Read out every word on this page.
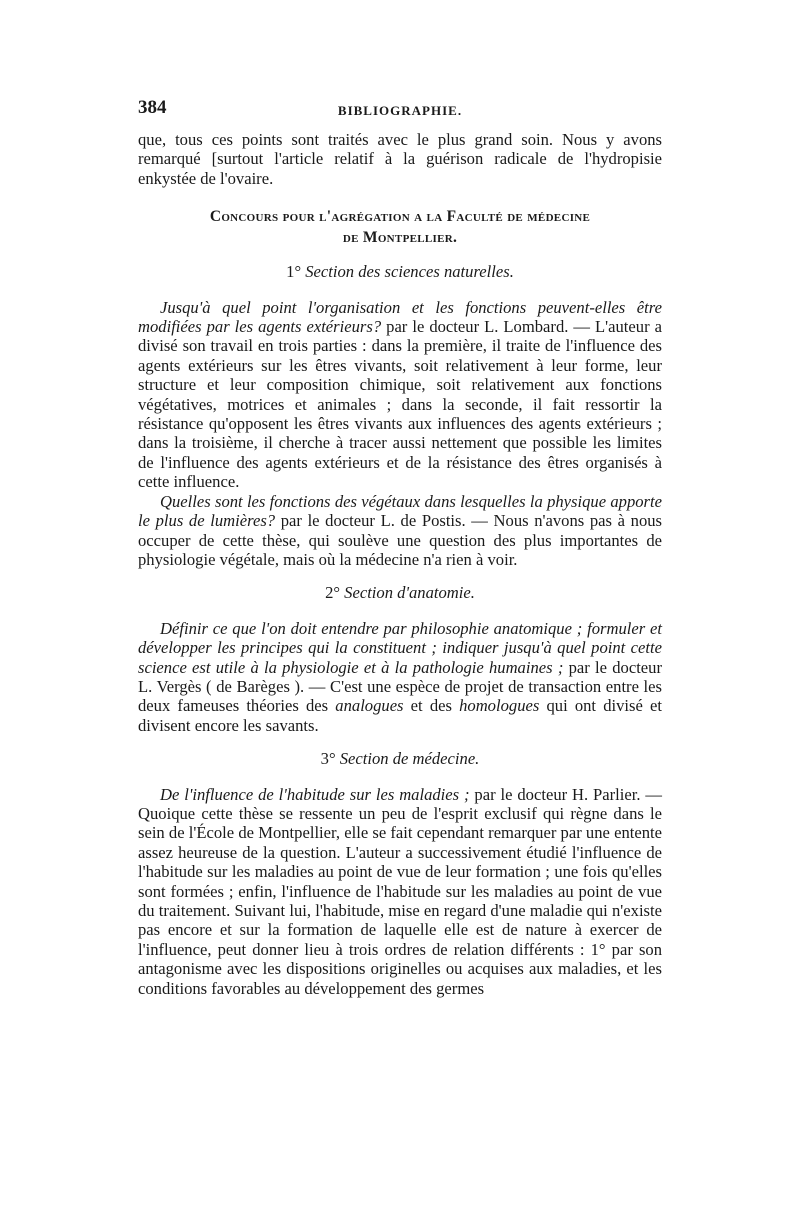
384	BIBLIOGRAPHIE.

que, tous ces points sont traités avec le plus grand soin. Nous y avons remarqué [surtout l'article relatif à la guérison radicale de l'hydropisie enkystée de l'ovaire.

Concours pour l'agrégation a la Faculté de médecine
de Montpellier.
1° Section des sciences naturelles.

Jusqu'à quel point l'organisation et les fonctions peuvent-elles être modifiées par les agents extérieurs? par le docteur L. Lombard. — L'auteur a divisé son travail en trois parties : dans la première, il traite de l'influence des agents extérieurs sur les êtres vivants, soit relativement à leur forme, leur structure et leur composition chimique, soit relativement aux fonctions végétatives, motrices et animales ; dans la seconde, il fait ressortir la résistance qu'opposent les êtres vivants aux influences des agents extérieurs ; dans la troisième, il cherche à tracer aussi nettement que possible les limites de l'influence des agents extérieurs et de la résistance des êtres organisés à cette influence.

Quelles sont les fonctions des végétaux dans lesquelles la physique apporte le plus de lumières? par le docteur L. de Postis. — Nous n'avons pas à nous occuper de cette thèse, qui soulève une question des plus importantes de physiologie végétale, mais où la médecine n'a rien à voir.

2° Section d'anatomie.

Définir ce que l'on doit entendre par philosophie anatomique ; formuler et développer les principes qui la constituent ; indiquer jusqu'à quel point cette science est utile à la physiologie et à la pathologie humaines ; par le docteur L. Vergès ( de Barèges ). — C'est une espèce de projet de transaction entre les deux fameuses théories des analogues et des homologues qui ont divisé et divisent encore les savants.

3° Section de médecine.

De l'influence de l'habitude sur les maladies ; par le docteur H. Parlier. — Quoique cette thèse se ressente un peu de l'esprit exclusif qui règne dans le sein de l'École de Montpellier, elle se fait cependant remarquer par une entente assez heureuse de la question. L'auteur a successivement étudié l'influence de l'habitude sur les maladies au point de vue de leur formation ; une fois qu'elles sont formées ; enfin, l'influence de l'habitude sur les maladies au point de vue du traitement. Suivant lui, l'habitude, mise en regard d'une maladie qui n'existe pas encore et sur la formation de laquelle elle est de nature à exercer de l'influence, peut donner lieu à trois ordres de relation différents : 1° par son antagonisme avec les dispositions originelles ou acquises aux maladies, et les conditions favorables au développement des germes
